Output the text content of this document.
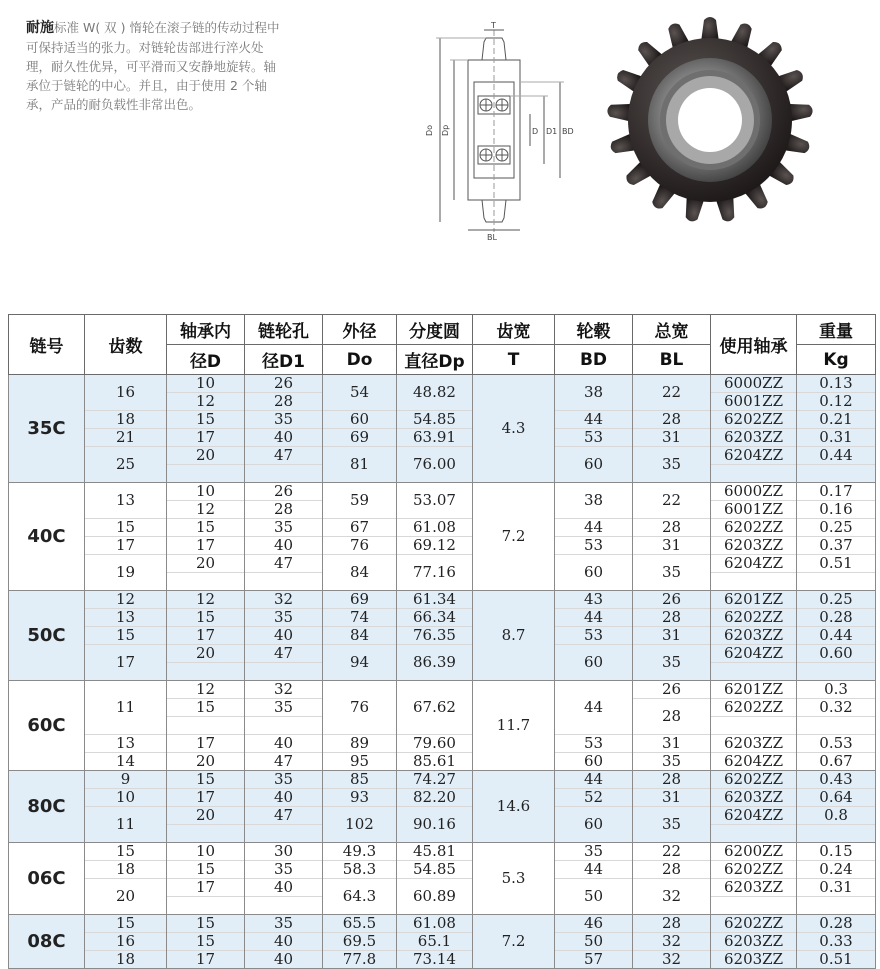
耐施标准 W( 双 ) 惰轮在滚子链的传动过程中可保持适当的张力。对链轮齿部进行淬火处理，耐久性优异，可平滑而又安静地旋转。轴承位于链轮的中心。并且，由于使用 2 个轴承，产品的耐负载性非常出色。
T
Do Dp	D D1 BD
BL
链号	齿数	轴承内	链轮孔	外径	分度圆	齿宽	轮毂	总宽	使用轴承	重量
		径D	径D1	Do	直径Dp	T	BD	BL		Kg
35C	16	10	26	54	48.82	4.3	38	22	6000ZZ	0.13
		12	28						6001ZZ	0.12
	18	15	35	60	54.85		44	28	6202ZZ	0.21
	21	17	40	69	63.91		53	31	6203ZZ	0.31
	25	20	47	81	76.00		60	35	6204ZZ	0.44

40C	13	10	26	59	53.07	7.2	38	22	6000ZZ	0.17
		12	28						6001ZZ	0.16
	15	15	35	67	61.08		44	28	6202ZZ	0.25
	17	17	40	76	69.12		53	31	6203ZZ	0.37
	19	20	47	84	77.16		60	35	6204ZZ	0.51

50C	12	12	32	69	61.34	8.7	43	26	6201ZZ	0.25
	13	15	35	74	66.34		44	28	6202ZZ	0.28
	15	17	40	84	76.35		53	31	6203ZZ	0.44
	17	20	47	94	86.39		60	35	6204ZZ	0.60

60C	11	12	32	76	67.62	11.7	44	26	6201ZZ	0.3
		15	35					28	6202ZZ	0.32

	13	17	40	89	79.60		53	31	6203ZZ	0.53
	14	20	47	95	85.61		60	35	6204ZZ	0.67
80C	9	15	35	85	74.27	14.6	44	28	6202ZZ	0.43
	10	17	40	93	82.20		52	31	6203ZZ	0.64
	11	20	47	102	90.16		60	35	6204ZZ	0.8

06C	15	10	30	49.3	45.81	5.3	35	22	6200ZZ	0.15
	18	15	35	58.3	54.85		44	28	6202ZZ	0.24
	20	17	40	64.3	60.89		50	32	6203ZZ	0.31

08C	15	15	35	65.5	61.08	7.2	46	28	6202ZZ	0.28
	16	15	40	69.5	65.1		50	32	6203ZZ	0.33
	18	17	40	77.8	73.14		57	32	6203ZZ	0.51
